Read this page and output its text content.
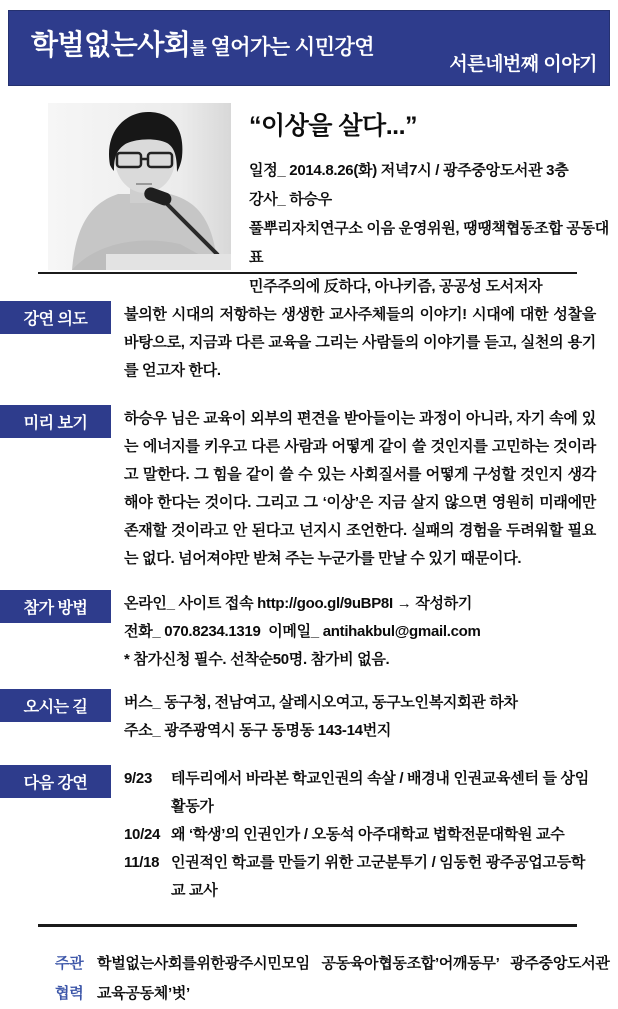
학벌없는사회를 열어가는 시민강연
서른네번째 이야기
“이상을 살다...”
일정_ 2014.8.26(화) 저녁7시 / 광주중앙도서관 3층
강사_ 하승우
풀뿌리자치연구소 이음 운영위원, 땡땡책협동조합 공동대표
민주주의에 反하다, 아나키즘, 공공성 도서저자
강연 의도	불의한 시대의 저항하는 생생한 교사주체들의 이야기! 시대에 대한 성찰을 바탕으로, 지금과 다른 교육을 그리는 사람들의 이야기를 듣고, 실천의 용기를 얻고자 한다.
미리 보기	하승우 님은 교육이 외부의 편견을 받아들이는 과정이 아니라, 자기 속에 있는 에너지를 키우고 다른 사람과 어떻게 같이 쓸 것인지를 고민하는 것이라고 말한다. 그 힘을 같이 쓸 수 있는 사회질서를 어떻게 구성할 것인지 생각해야 한다는 것이다. 그리고 그 ‘이상’은 지금 살지 않으면 영원히 미래에만 존재할 것이라고 안 된다고 넌지시 조언한다. 실패의 경험을 두려워할 필요는 없다. 넘어져야만 받쳐 주는 누군가를 만날 수 있기 때문이다.
참가 방법	온라인_ 사이트 접속 http://goo.gl/9uBP8I → 작성하기
전화_ 070.8234.1319  이메일_ antihakbul@gmail.com
* 참가신청 필수. 선착순50명. 참가비 없음.
오시는 길	버스_ 동구청, 전남여고, 살레시오여고, 동구노인복지회관 하차
주소_ 광주광역시 동구 동명동 143-14번지
다음 강연	9/23	테두리에서 바라본 학교인권의 속살 / 배경내 인권교육센터 들 상임활동가
10/24 왜 ‘학생’의 인권인가 / 오동석 아주대학교 법학전문대학원 교수
11/18 인권적인 학교를 만들기 위한 고군분투기 / 임동헌 광주공업고등학교 교사
주관 학벌없는사회를위한광주시민모임   공동육아협동조합’어깨동무’   광주중앙도서관
협력 교육공동체’벗’
